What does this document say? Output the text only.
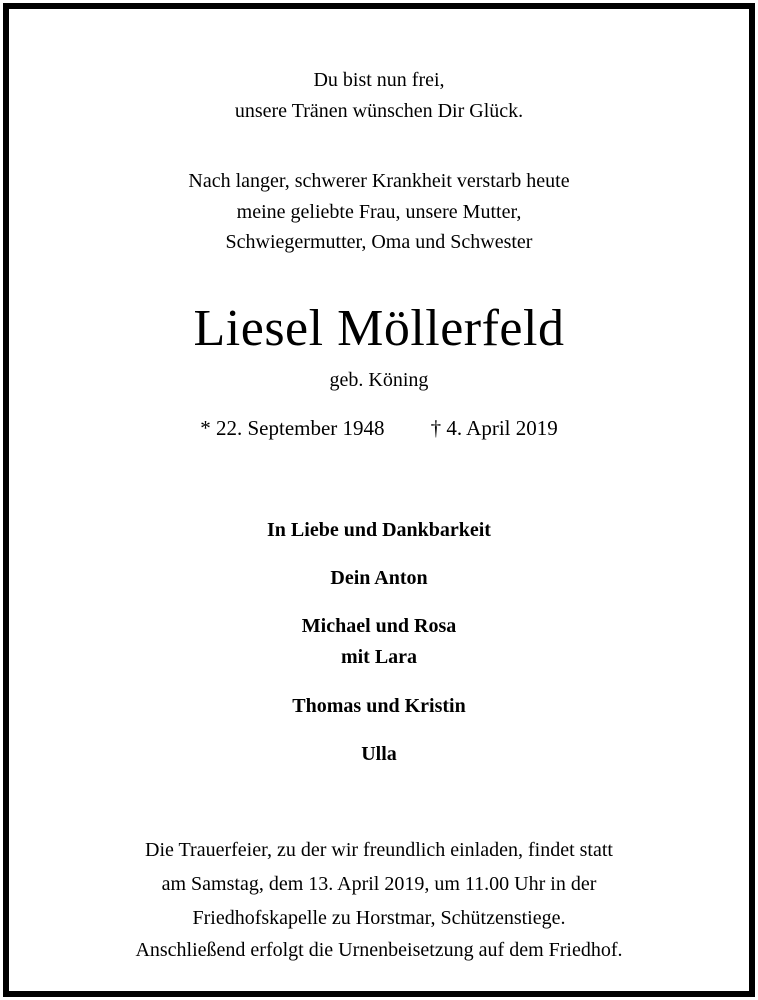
Du bist nun frei,
unsere Tränen wünschen Dir Glück.
Nach langer, schwerer Krankheit verstarb heute
meine geliebte Frau, unsere Mutter,
Schwiegermutter, Oma und Schwester
Liesel Möllerfeld
geb. Köning
* 22. September 1948 † 4. April 2019
In Liebe und Dankbarkeit
Dein Anton
Michael und Rosa
mit Lara
Thomas und Kristin
Ulla
Die Trauerfeier, zu der wir freundlich einladen, findet statt
am Samstag, dem 13. April 2019, um 11.00 Uhr in der
Friedhofskapelle zu Horstmar, Schützenstiege.
Anschließend erfolgt die Urnenbeisetzung auf dem Friedhof.
